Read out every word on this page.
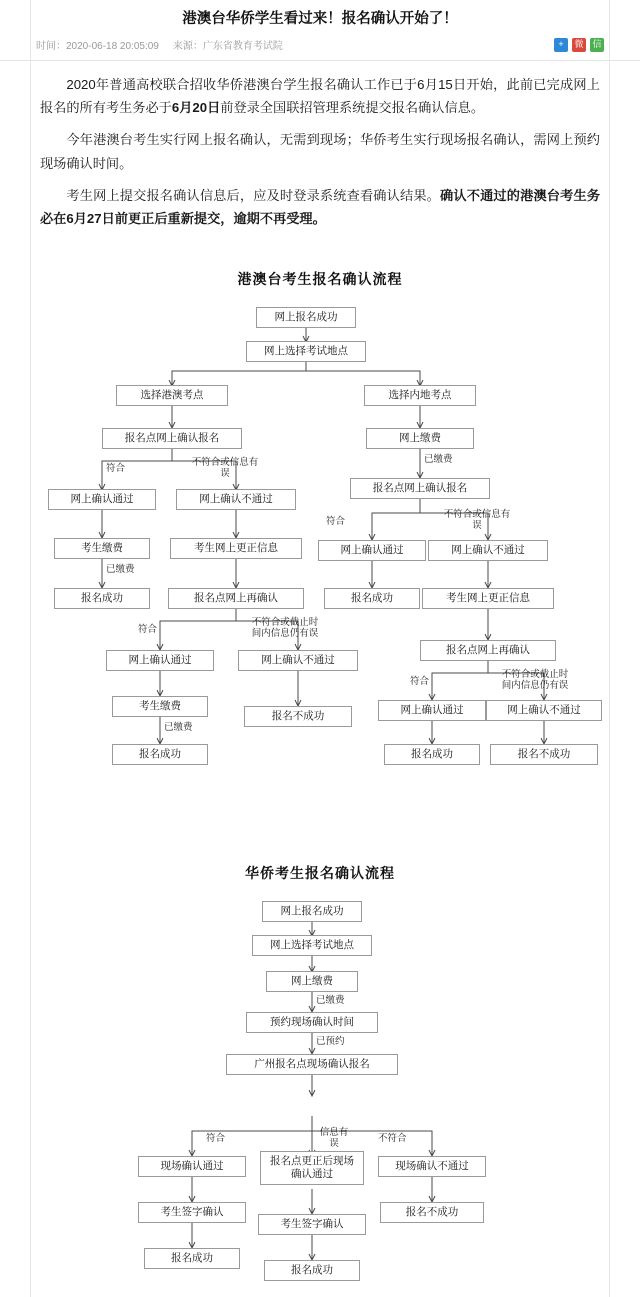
港澳台华侨学生看过来！报名确认开始了！
时间：2020-06-18 20:05:09 来源：广东省教育考试院	+	微 信

2020年普通高校联合招收华侨港澳台学生报名确认工作已于6月15日开始，此前已完成网上报名的所有考生务必于6月20日前登录全国联招管理系统提交报名确认信息。

今年港澳台考生实行网上报名确认，无需到现场；华侨考生实行现场报名确认，需网上预约现场确认时间。

考生网上提交报名确认信息后，应及时登录系统查看确认结果。确认不通过的港澳台考生务必在6月27日前更正后重新提交，逾期不再受理。

港澳台考生报名确认流程
网上报名成功
网上选择考试地点
选择港澳考点	选择内地考点
报名点网上确认报名
网上确认通过	网上确认不通过
考生缴费	考生网上更正信息
报名成功	报名点网上再确认
网上确认通过	网上确认不通过
考生缴费
报名不成功
报名成功
网上缴费
报名点网上确认报名
网上确认通过	网上确认不通过
报名成功	考生网上更正信息
报名点网上再确认
网上确认通过	网上确认不通过
报名成功	报名不成功
符合
不符合或信息有误
已缴费
符合
不符合或截止时间内信息仍有误
已缴费
已缴费
符合
不符合或信息有误
符合
不符合或截止时间内信息仍有误
华侨考生报名确认流程
网上报名成功
网上选择考试地点
网上缴费
预约现场确认时间
广州报名点现场确认报名
现场确认通过	报名点更正后现场确认通过
现场确认不通过
考生签字确认
考生签字确认
报名不成功
报名成功
报名成功
已缴费
已预约
符合
信息有误	不符合
